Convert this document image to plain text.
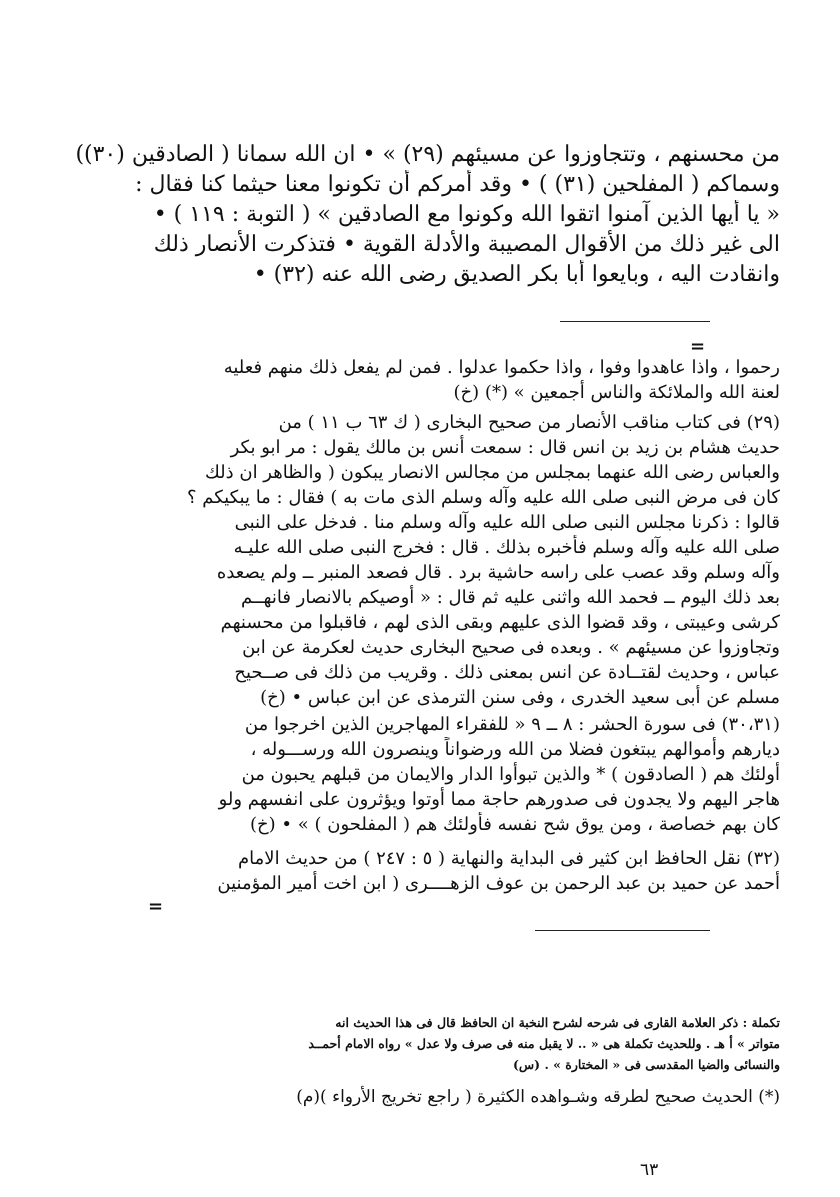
من محسنهم ، وتتجاوزوا عن مسيئهم (٢٩) » • ان الله سمانا ( الصادقين (٣٠))
وسماكم ( المفلحين (٣١) ) • وقد أمركم أن تكونوا معنا حيثما كنا فقال :
« يا أيها الذين آمنوا اتقوا الله وكونوا مع الصادقين » ( التوبة : ١١٩ ) •
الى غير ذلك من الأقوال المصيبة والأدلة القوية • فتذكرت الأنصار ذلك
وانقادت اليه ، وبايعوا أبا بكر الصديق رضى الله عنه (٣٢) •
=
رحموا ، واذا عاهدوا وفوا ، واذا حكموا عدلوا . فمن لم يفعل ذلك منهم فعليه
لعنة الله والملائكة والناس أجمعين » (*) (خ)
(٢٩) فى كتاب مناقب الأنصار من صحيح البخارى ( ك ٦٣ ب ١١ ) من
حديث هشام بن زيد بن انس قال : سمعت أنس بن مالك يقول : مر ابو بكر
والعباس رضى الله عنهما بمجلس من مجالس الانصار يبكون ( والظاهر ان ذلك
كان فى مرض النبى صلى الله عليه وآله وسلم الذى مات به ) فقال : ما يبكيكم ؟
قالوا : ذكرنا مجلس النبى صلى الله عليه وآله وسلم منا . فدخل على النبى
صلى الله عليه وآله وسلم فأخبره بذلك . قال : فخرج النبى صلى الله عليـه
وآله وسلم وقد عصب على راسه حاشية برد . قال فصعد المنبر ــ ولم يصعده
بعد ذلك اليوم ــ فحمد الله واثنى عليه ثم قال : « أوصيكم بالانصار فانهــم
كرشى وعيبتى ، وقد قضوا الذى عليهم وبقى الذى لهم ، فاقبلوا من محسنهم
وتجاوزوا عن مسيئهم » . وبعده فى صحيح البخارى حديث لعكرمة عن ابن
عباس ، وحديث لقتــادة عن انس بمعنى ذلك . وقريب من ذلك فى صــحيح
مسلم عن أبى سعيد الخدرى ، وفى سنن الترمذى عن ابن عباس • (خ)
(٣٠،٣١) فى سورة الحشر : ٨ ــ ٩ « للفقراء المهاجرين الذين اخرجوا من
ديارهم وأموالهم يبتغون فضلا من الله ورضواناً وينصرون الله ورســـوله ،
أولئك هم ( الصادقون ) * والذين تبوأوا الدار والايمان من قبلهم يحبون من
هاجر اليهم ولا يجدون فى صدورهم حاجة مما أوتوا ويؤثرون على انفسهم ولو
كان بهم خصاصة ، ومن يوق شح نفسه فأولئك هم ( المفلحون ) » • (خ)
(٣٢) نقل الحافظ ابن كثير فى البداية والنهاية ( ٥ : ٢٤٧ ) من حديث الامام
أحمد عن حميد بن عبد الرحمن بن عوف الزهــــرى ( ابن اخت أمير المؤمنين
=
تكملة : ذكر العلامة القارى فى شرحه لشرح النخبة ان الحافظ قال فى هذا الحديث انه
متواتر » أ هـ . وللحديث تكملة هى « .. لا يقبل منه فى صرف ولا عدل » رواه الامام أحمــد
والنسائى والضيا المقدسى فى « المختارة » . (س)
(*) الحديث صحيح لطرقه وشـواهده الكثيرة ( راجع تخريج الأرواء )(م)
٦٣
